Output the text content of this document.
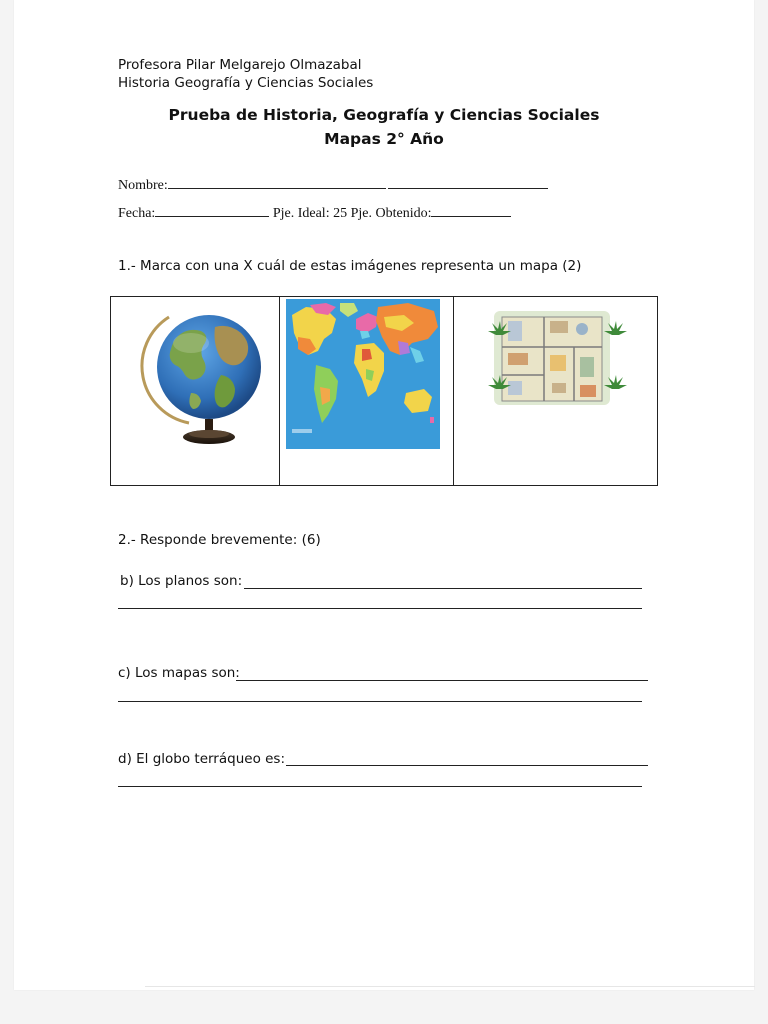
Profesora Pilar Melgarejo Olmazabal
Historia Geografía y Ciencias Sociales
Prueba de Historia, Geografía y Ciencias Sociales
Mapas 2° Año
Nombre:
Fecha:	Pje. Ideal: 25 Pje. Obtenido:
1.- Marca con una X cuál de estas imágenes representa un mapa (2)
2.- Responde brevemente: (6)
b) Los planos son:
c) Los mapas son:
d) El globo terráqueo es:
